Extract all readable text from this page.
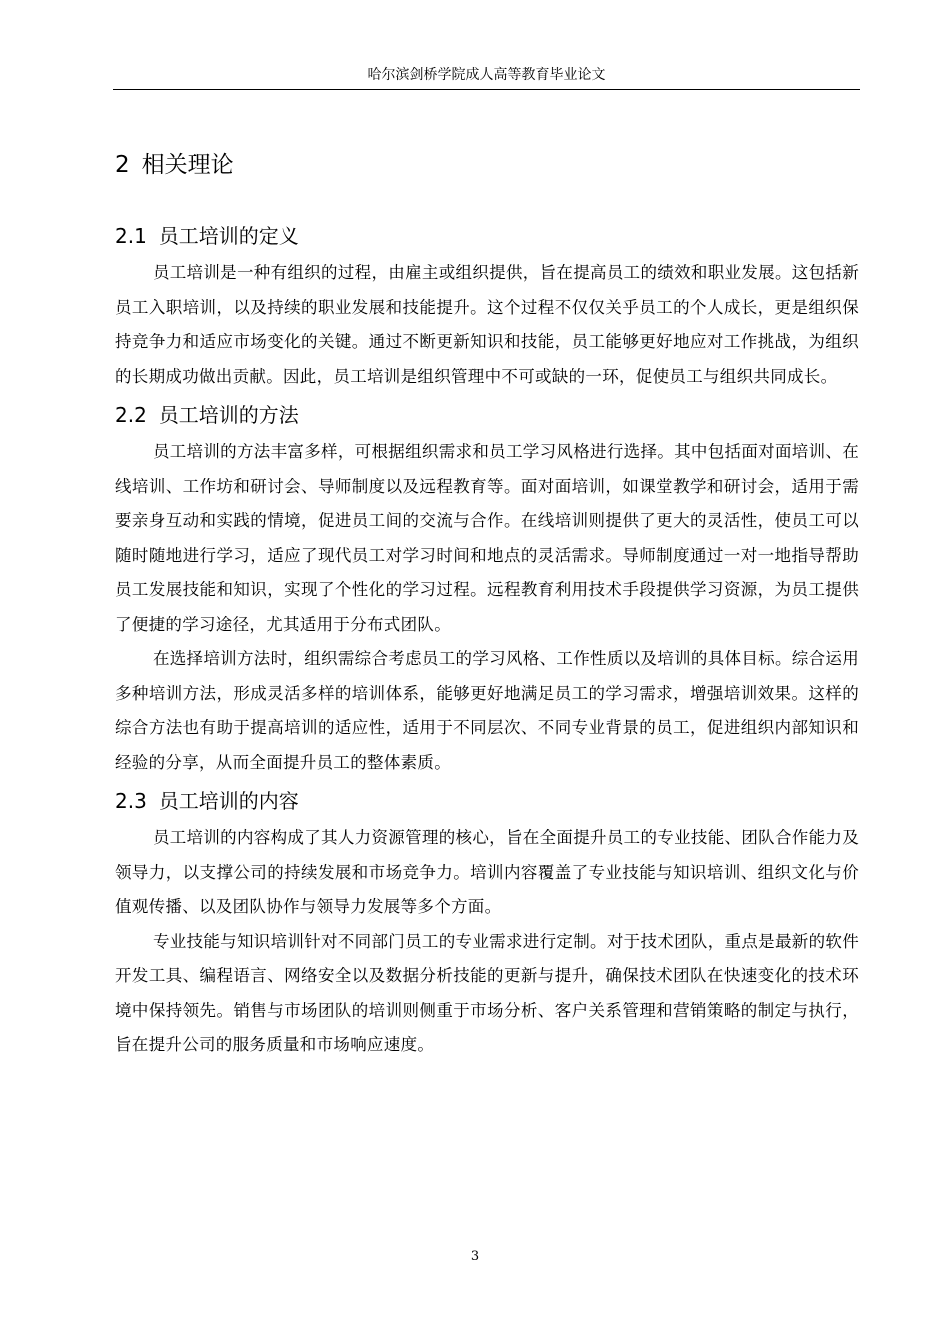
哈尔滨剑桥学院成人高等教育毕业论文
2 相关理论
2.1 员工培训的定义

员工培训是一种有组织的过程，由雇主或组织提供，旨在提高员工的绩效和职业发展。这包括新员工入职培训，以及持续的职业发展和技能提升。这个过程不仅仅关乎员工的个人成长，更是组织保持竞争力和适应市场变化的关键。通过不断更新知识和技能，员工能够更好地应对工作挑战，为组织的长期成功做出贡献。因此，员工培训是组织管理中不可或缺的一环，促使员工与组织共同成长。

2.2 员工培训的方法

员工培训的方法丰富多样，可根据组织需求和员工学习风格进行选择。其中包括面对面培训、在线培训、工作坊和研讨会、导师制度以及远程教育等。面对面培训，如课堂教学和研讨会，适用于需要亲身互动和实践的情境，促进员工间的交流与合作。在线培训则提供了更大的灵活性，使员工可以随时随地进行学习，适应了现代员工对学习时间和地点的灵活需求。导师制度通过一对一地指导帮助员工发展技能和知识，实现了个性化的学习过程。远程教育利用技术手段提供学习资源，为员工提供了便捷的学习途径，尤其适用于分布式团队。

在选择培训方法时，组织需综合考虑员工的学习风格、工作性质以及培训的具体目标。综合运用多种培训方法，形成灵活多样的培训体系，能够更好地满足员工的学习需求，增强培训效果。这样的综合方法也有助于提高培训的适应性，适用于不同层次、不同专业背景的员工，促进组织内部知识和经验的分享，从而全面提升员工的整体素质。

2.3 员工培训的内容

员工培训的内容构成了其人力资源管理的核心，旨在全面提升员工的专业技能、团队合作能力及领导力，以支撑公司的持续发展和市场竞争力。培训内容覆盖了专业技能与知识培训、组织文化与价值观传播、以及团队协作与领导力发展等多个方面。

专业技能与知识培训针对不同部门员工的专业需求进行定制。对于技术团队，重点是最新的软件开发工具、编程语言、网络安全以及数据分析技能的更新与提升，确保技术团队在快速变化的技术环境中保持领先。销售与市场团队的培训则侧重于市场分析、客户关系管理和营销策略的制定与执行，旨在提升公司的服务质量和市场响应速度。

3
